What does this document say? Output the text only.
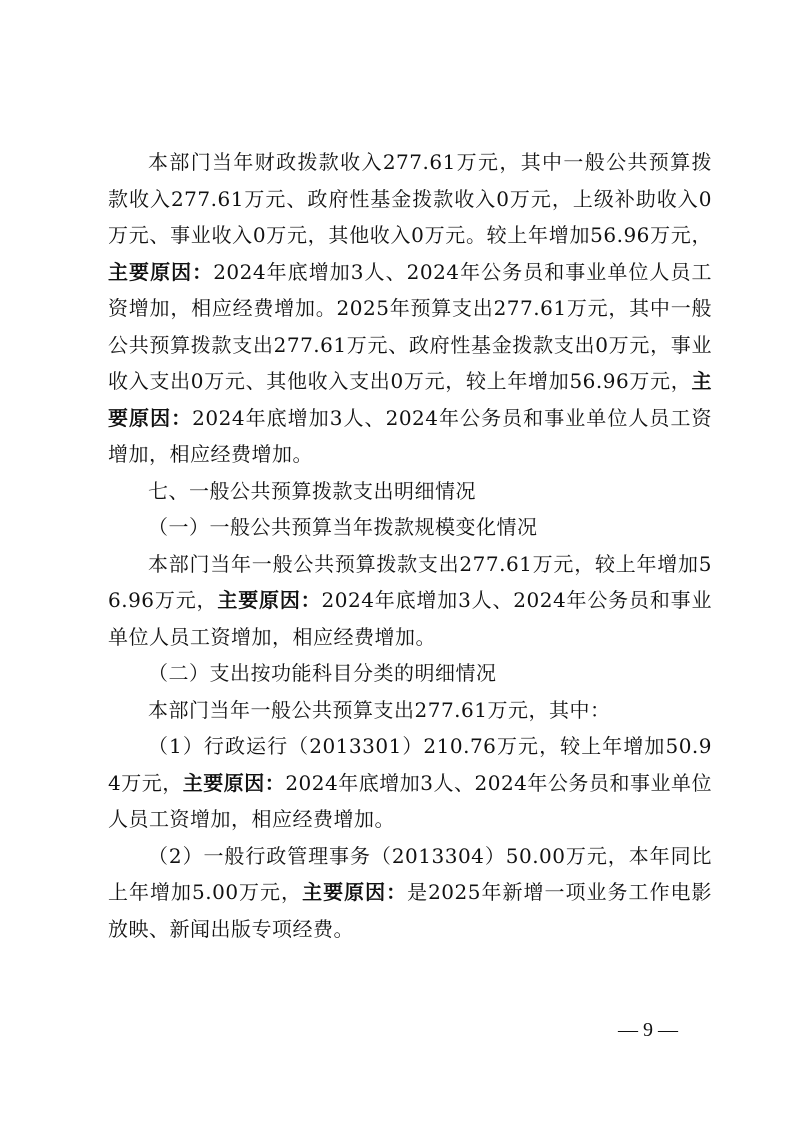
本部门当年财政拨款收入277.61万元，其中一般公共预算拨款收入277.61万元、政府性基金拨款收入0万元，上级补助收入0万元、事业收入0万元，其他收入0万元。较上年增加56.96万元，主要原因：2024年底增加3人、2024年公务员和事业单位人员工资增加，相应经费增加。2025年预算支出277.61万元，其中一般公共预算拨款支出277.61万元、政府性基金拨款支出0万元，事业收入支出0万元、其他收入支出0万元，较上年增加56.96万元，主要原因：2024年底增加3人、2024年公务员和事业单位人员工资增加，相应经费增加。

七、一般公共预算拨款支出明细情况

（一）一般公共预算当年拨款规模变化情况

本部门当年一般公共预算拨款支出277.61万元，较上年增加56.96万元，主要原因：2024年底增加3人、2024年公务员和事业单位人员工资增加，相应经费增加。

（二）支出按功能科目分类的明细情况

本部门当年一般公共预算支出277.61万元，其中：

（1）行政运行（2013301）210.76万元，较上年增加50.94万元，主要原因：2024年底增加3人、2024年公务员和事业单位人员工资增加，相应经费增加。

（2）一般行政管理事务（2013304）50.00万元，本年同比上年增加5.00万元，主要原因：是2025年新增一项业务工作电影放映、新闻出版专项经费。

— 9 —
